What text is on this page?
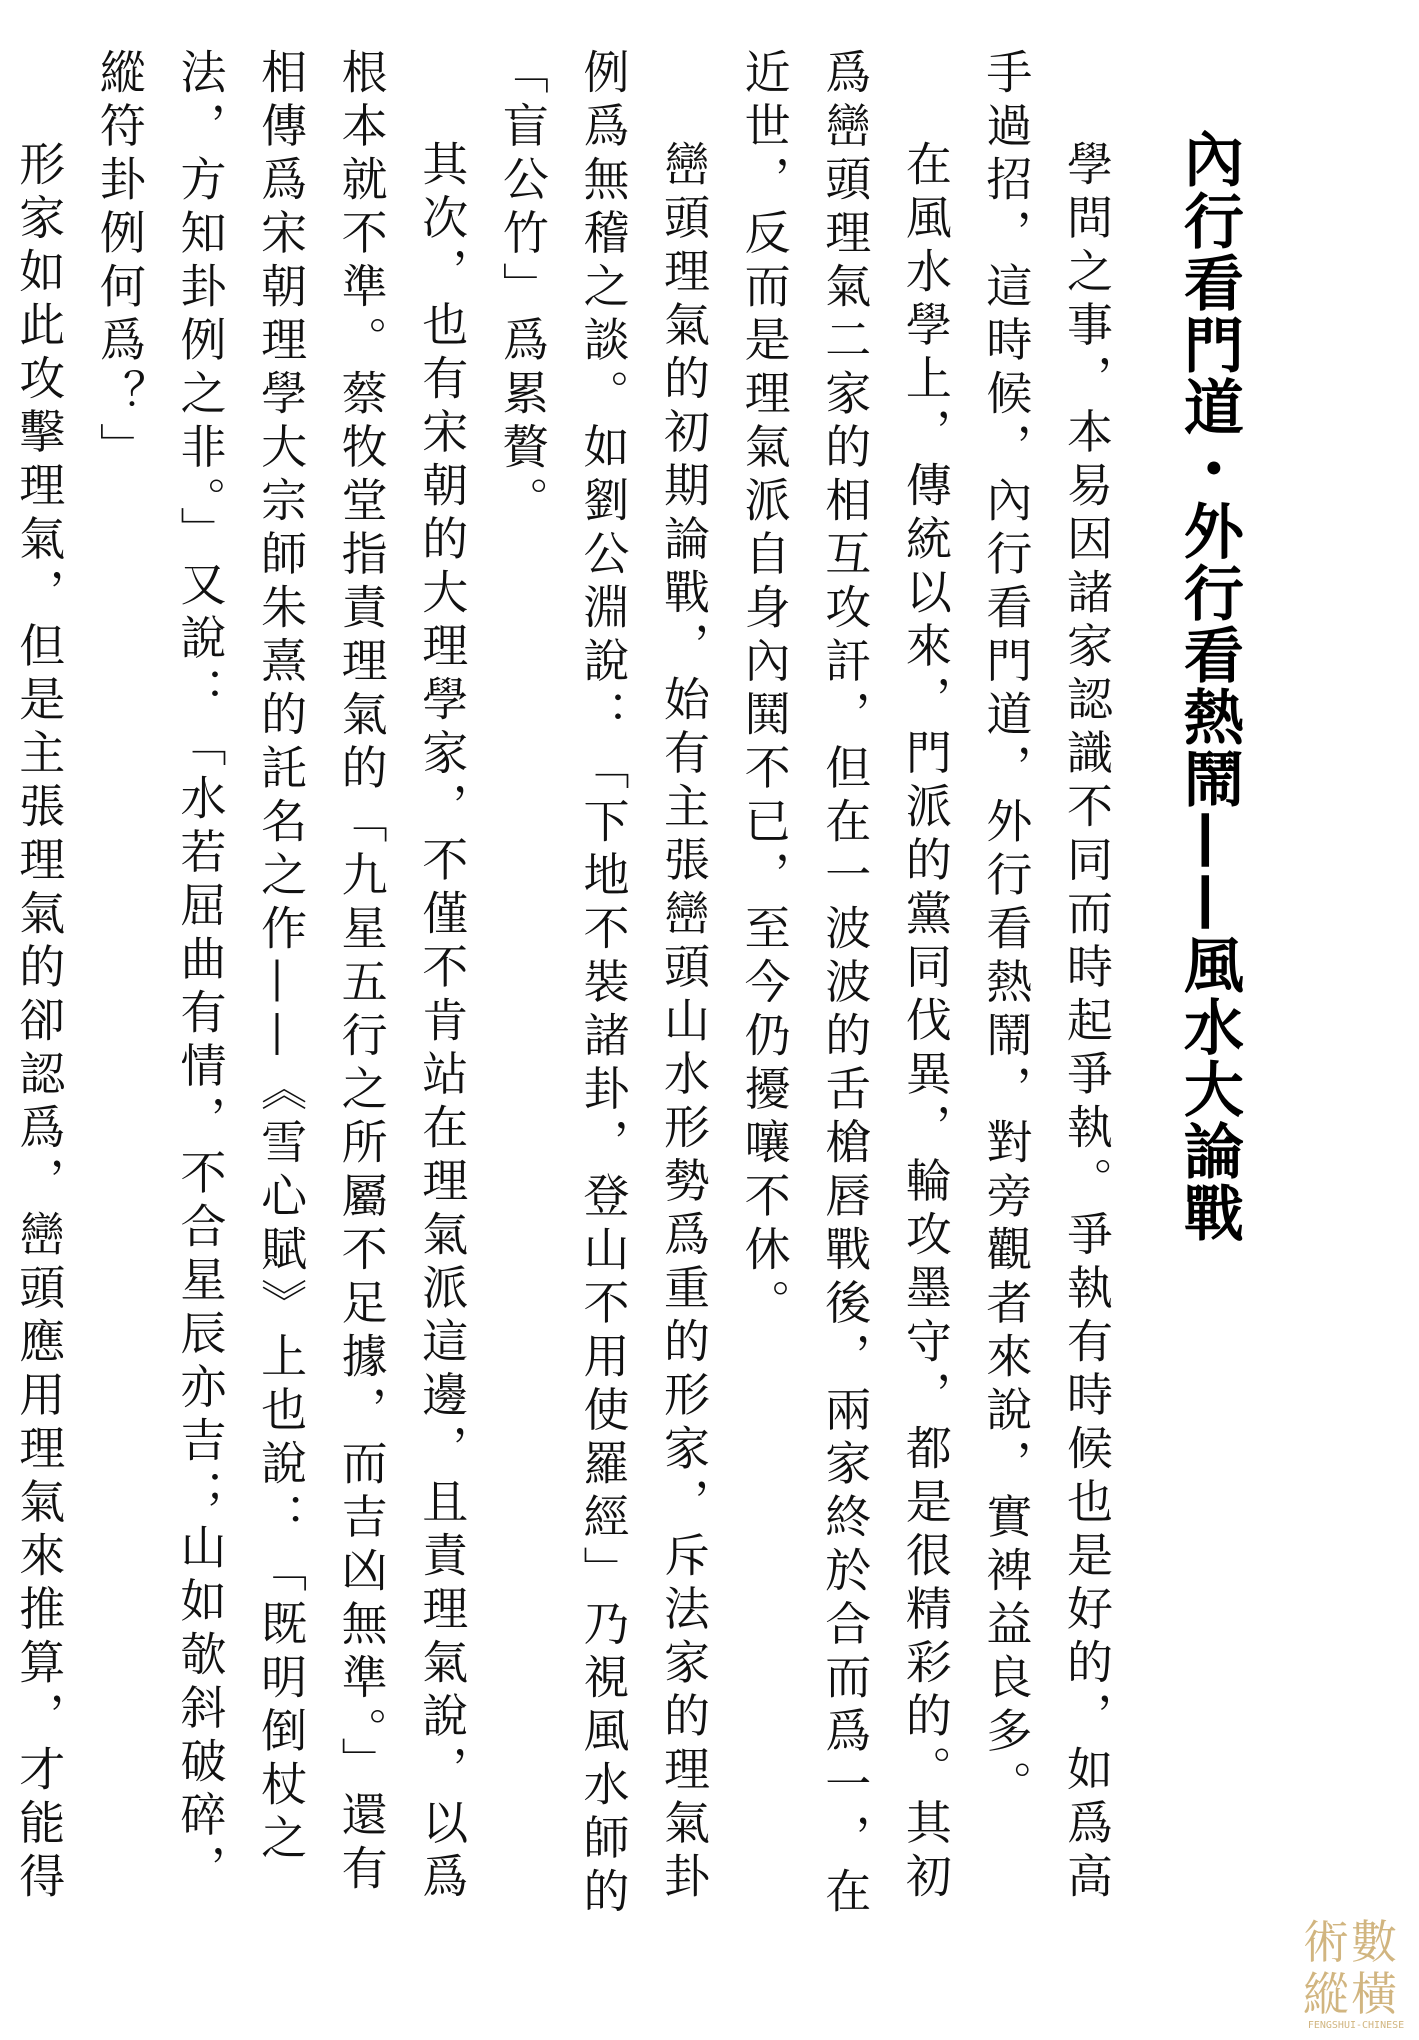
內行看門道・外行看熱鬧——風水大論戰

學問之事，本易因諸家認識不同而時起爭執。爭執有時候也是好的，如爲高手過招，這時候，內行看門道，外行看熱鬧，對旁觀者來說，實裨益良多。

在風水學上，傳統以來，門派的黨同伐異，輪攻墨守，都是很精彩的。其初爲巒頭理氣二家的相互攻訐，但在一波波的舌槍唇戰後，兩家終於合而爲一，在近世，反而是理氣派自身內鬨不已，至今仍擾嚷不休。

巒頭理氣的初期論戰，始有主張巒頭山水形勢爲重的形家，斥法家的理氣卦例爲無稽之談。如劉公淵說：「下地不裝諸卦，登山不用使羅經」乃視風水師的「盲公竹」爲累贅。

其次，也有宋朝的大理學家，不僅不肯站在理氣派這邊，且責理氣說，以爲根本就不準。蔡牧堂指責理氣的「九星五行之所屬不足據，而吉凶無準。」還有相傳爲宋朝理學大宗師朱熹的託名之作——《雪心賦》上也說：「既明倒杖之法，方知卦例之非。」又說：「水若屈曲有情，不合星辰亦吉；山如欹斜破碎，縱符卦例何爲？」

形家如此攻擊理氣，但是主張理氣的卻認爲，巒頭應用理氣來推算，才能得

術數縱橫
FENGSHUI-CHINESE
